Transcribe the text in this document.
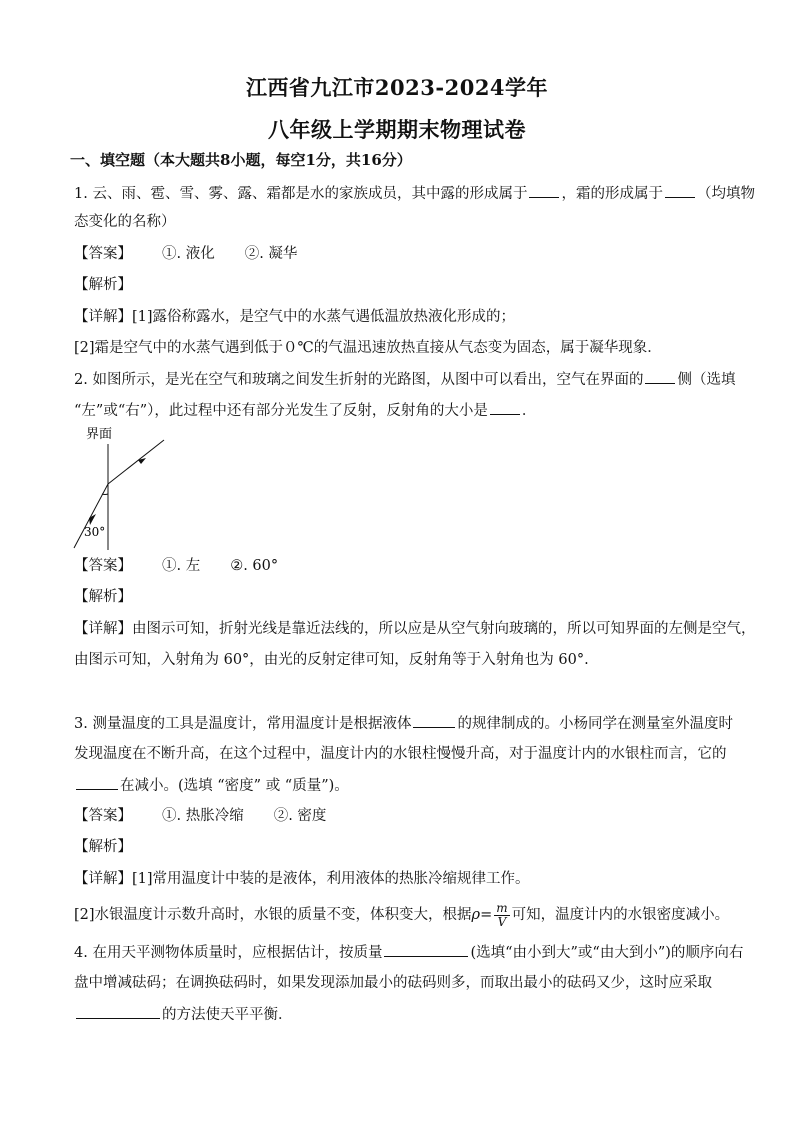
江西省九江市2023-2024学年
八年级上学期期末物理试卷
一、填空题（本大题共8小题，每空1分，共16分）
1. 云、雨、雹、雪、雾、露、霜都是水的家族成员，其中露的形成属于 ，霜的形成属于 （均填物
态变化的名称）
【答案】 ①. 液化 ②. 凝华
【解析】
【详解】[1]露俗称露水，是空气中的水蒸气遇低温放热液化形成的；
[2]霜是空气中的水蒸气遇到低于０℃的气温迅速放热直接从气态变为固态，属于凝华现象．
2. 如图所示，是光在空气和玻璃之间发生折射的光路图，从图中可以看出，空气在界面的 侧（选填
“左”或“右”），此过程中还有部分光发生了反射，反射角的大小是 ．
界面
30°
【答案】 ①. 左 ②. 60°
【解析】
【详解】由图示可知，折射光线是靠近法线的，所以应是从空气射向玻璃的，所以可知界面的左侧是空气，
由图示可知，入射角为 60°，由光的反射定律可知，反射角等于入射角也为 60°.
3. 测量温度的工具是温度计，常用温度计是根据液体	的规律制成的。小杨同学在测量室外温度时
发现温度在不断升高，在这个过程中，温度计内的水银柱慢慢升高，对于温度计内的水银柱而言，它的
在减小。(选填 “密度” 或 “质量”)。
【答案】 ①. 热胀冷缩 ②. 密度
【解析】
【详解】[1]常用温度计中装的是液体，利用液体的热胀冷缩规律工作。
[2]水银温度计示数升高时，水银的质量不变，体积变大，根据$\rho= \frac{m}{V}$ 可知，温度计内的水银密度减小。
4. 在用天平测物体质量时，应根据估计，按质量	(选填“由小到大”或“由大到小”)的顺序向右
盘中增减砝码；在调换砝码时，如果发现添加最小的砝码则多，而取出最小的砝码又少，这时应采取
的方法使天平平衡．
